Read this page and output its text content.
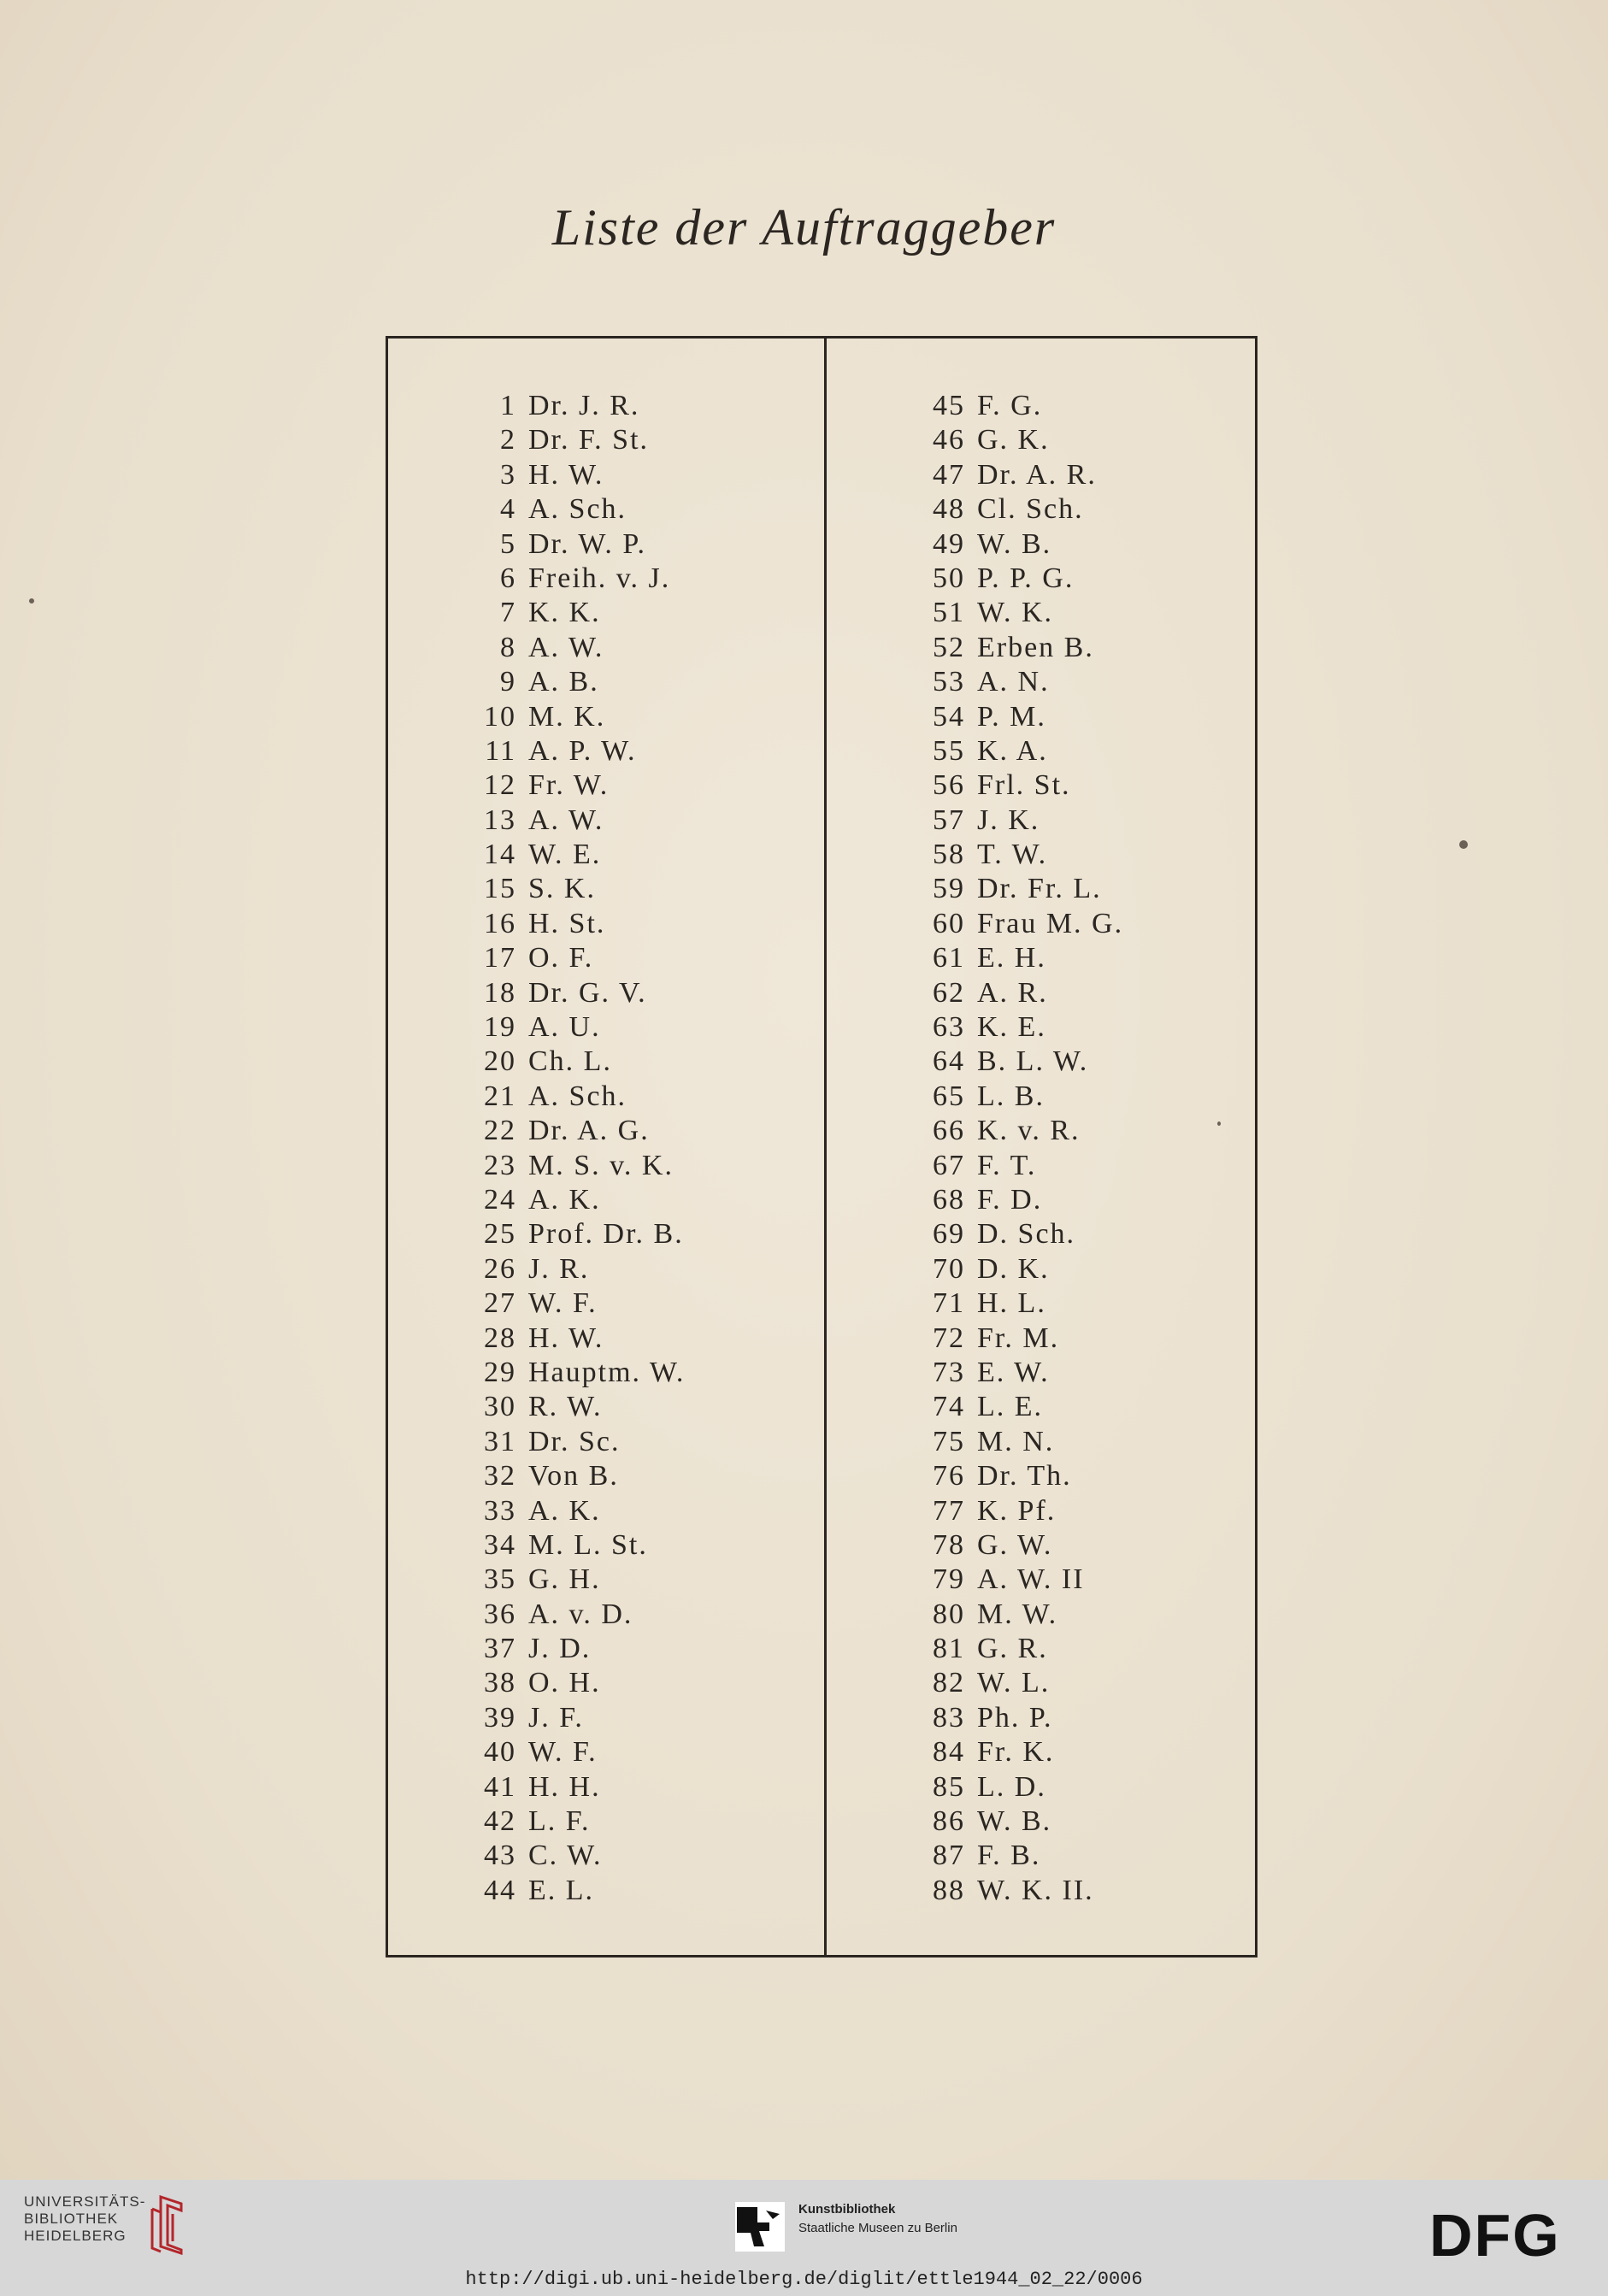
Liste der Auftraggeber
1 Dr. J. R.
2 Dr. F. St.
3 H. W.
4 A. Sch.
5 Dr. W. P.
6 Freih. v. J.
7 K. K.
8 A. W.
9 A. B.
10 M. K.
11 A. P. W.
12 Fr. W.
13 A. W.
14 W. E.
15 S. K.
16 H. St.
17 O. F.
18 Dr. G. V.
19 A. U.
20 Ch. L.
21 A. Sch.
22 Dr. A. G.
23 M. S. v. K.
24 A. K.
25 Prof. Dr. B.
26 J. R.
27 W. F.
28 H. W.
29 Hauptm. W.
30 R. W.
31 Dr. Sc.
32 Von B.
33 A. K.
34 M. L. St.
35 G. H.
36 A. v. D.
37 J. D.
38 O. H.
39 J. F.
40 W. F.
41 H. H.
42 L. F.
43 C. W.
44 E. L.
45 F. G.
46 G. K.
47 Dr. A. R.
48 Cl. Sch.
49 W. B.
50 P. P. G.
51 W. K.
52 Erben B.
53 A. N.
54 P. M.
55 K. A.
56 Frl. St.
57 J. K.
58 T. W.
59 Dr. Fr. L.
60 Frau M. G.
61 E. H.
62 A. R.
63 K. E.
64 B. L. W.
65 L. B.
66 K. v. R.
67 F. T.
68 F. D.
69 D. Sch.
70 D. K.
71 H. L.
72 Fr. M.
73 E. W.
74 L. E.
75 M. N.
76 Dr. Th.
77 K. Pf.
78 G. W.
79 A. W. II
80 M. W.
81 G. R.
82 W. L.
83 Ph. P.
84 Fr. K.
85 L. D.
86 W. B.
87 F. B.
88 W. K. II.
UNIVERSITÄTS-
BIBLIOTHEK
HEIDELBERG
Kunstbibliothek
Staatliche Museen zu Berlin	DFG
http://digi.ub.uni-heidelberg.de/diglit/ettle1944_02_22/0006
